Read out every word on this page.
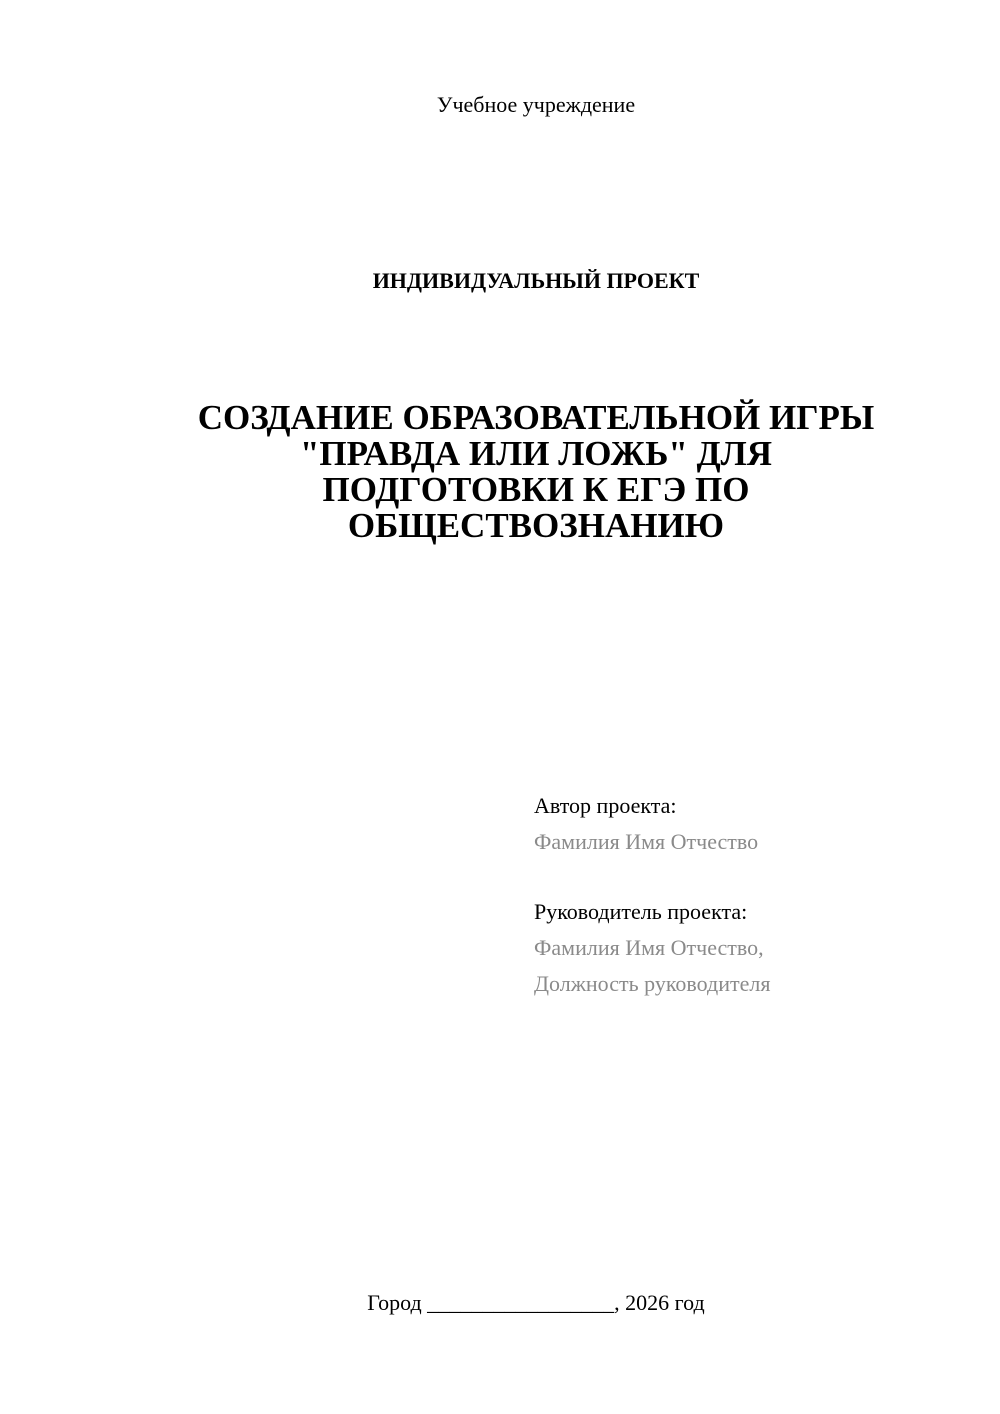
Учебное учреждение
ИНДИВИДУАЛЬНЫЙ ПРОЕКТ
СОЗДАНИЕ ОБРАЗОВАТЕЛЬНОЙ ИГРЫ
"ПРАВДА ИЛИ ЛОЖЬ" ДЛЯ
ПОДГОТОВКИ К ЕГЭ ПО
ОБЩЕСТВОЗНАНИЮ
Автор проекта:
Фамилия Имя Отчество
Руководитель проекта:
Фамилия Имя Отчество,
Должность руководителя
Город _________________, 2026 год
